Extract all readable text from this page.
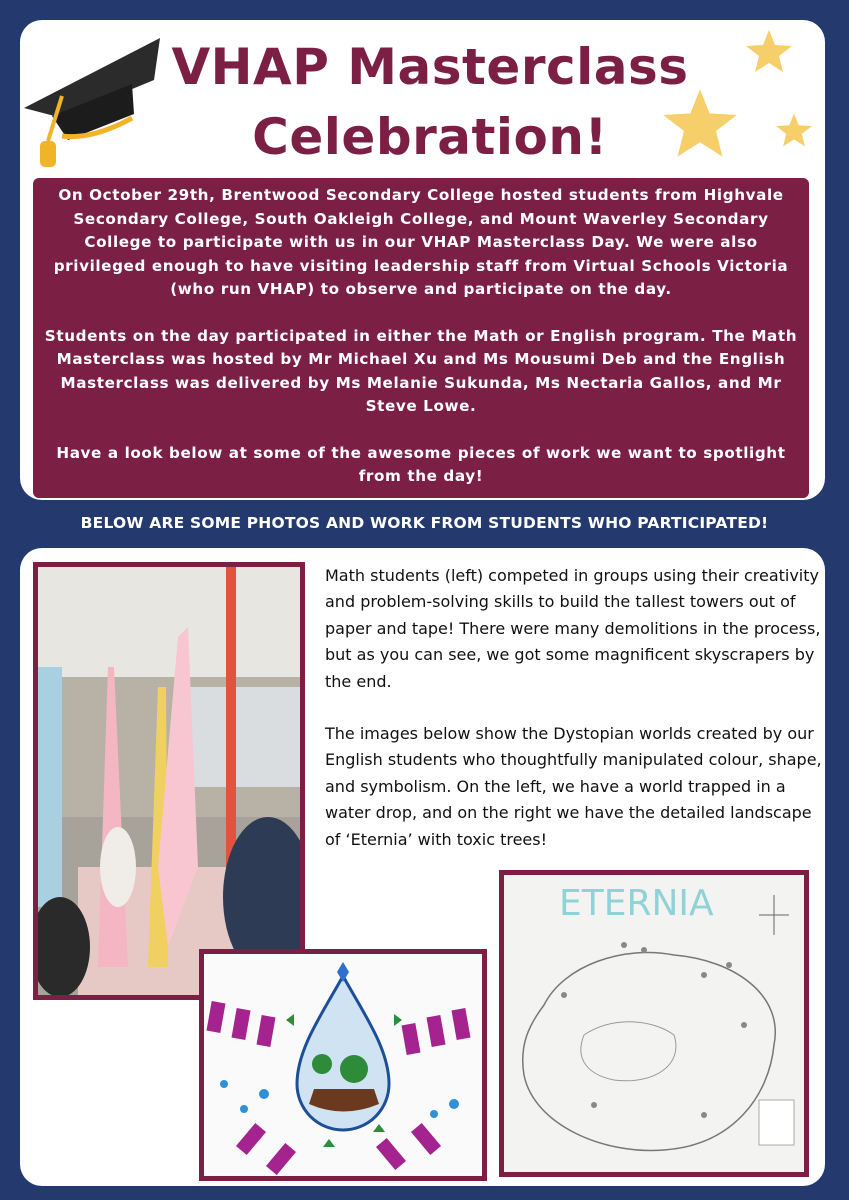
VHAP Masterclass
Celebration!

On October 29th, Brentwood Secondary College hosted students from Highvale Secondary College, South Oakleigh College, and Mount Waverley Secondary College to participate with us in our VHAP Masterclass Day. We were also privileged enough to have visiting leadership staff from Virtual Schools Victoria (who run VHAP) to observe and participate on the day.

Students on the day participated in either the Math or English program. The Math Masterclass was hosted by Mr Michael Xu and Ms Mousumi Deb and the English Masterclass was delivered by Ms Melanie Sukunda, Ms Nectaria Gallos, and Mr Steve Lowe.

Have a look below at some of the awesome pieces of work we want to spotlight from the day!

BELOW ARE SOME PHOTOS AND WORK FROM STUDENTS WHO PARTICIPATED!

Math students (left) competed in groups using their creativity and problem-solving skills to build the tallest towers out of paper and tape! There were many demolitions in the process, but as you can see, we got some magnificent skyscrapers by the end.

The images below show the Dystopian worlds created by our English students who thoughtfully manipulated colour, shape, and symbolism. On the left, we have a world trapped in a water drop, and on the right we have the detailed landscape of ‘Eternia’ with toxic trees!

ETERNIA
